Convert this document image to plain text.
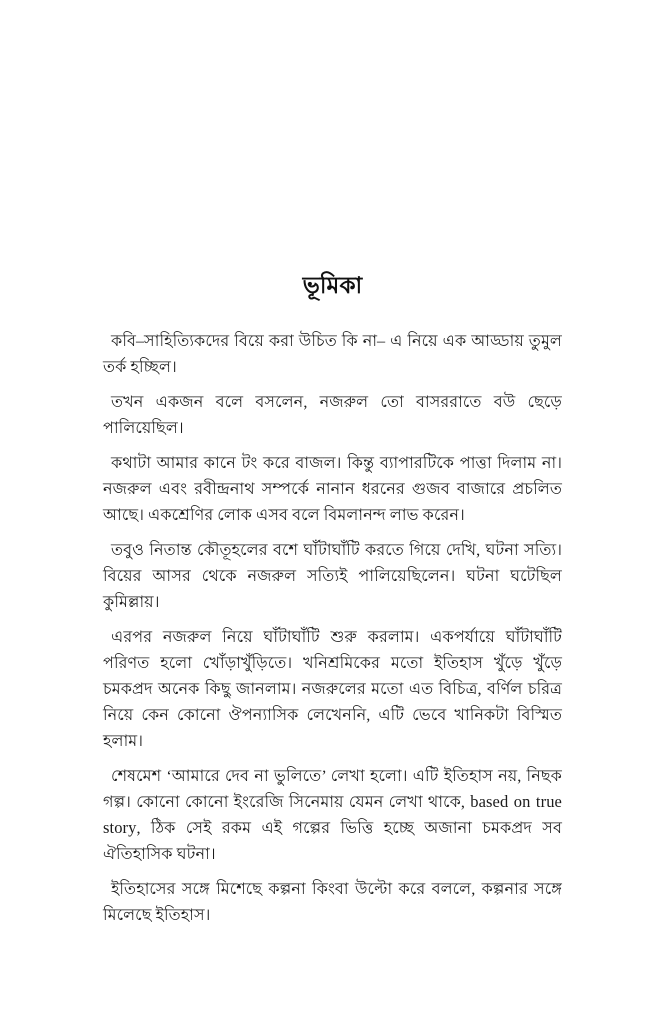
ভূমিকা

কবি–সাহিত্যিকদের বিয়ে করা উচিত কি না– এ নিয়ে এক আড্ডায় তুমুল তর্ক হচ্ছিল।

তখন একজন বলে বসলেন, নজরুল তো বাসররাতে বউ ছেড়ে পালিয়েছিল।

কথাটা আমার কানে টং করে বাজল। কিন্তু ব্যাপারটিকে পাত্তা দিলাম না। নজরুল এবং রবীন্দ্রনাথ সম্পর্কে নানান ধরনের গুজব বাজারে প্রচলিত আছে। একশ্রেণির লোক এসব বলে বিমলানন্দ লাভ করেন।

তবুও নিতান্ত কৌতূহলের বশে ঘাঁটাঘাঁটি করতে গিয়ে দেখি, ঘটনা সত্যি। বিয়ের আসর থেকে নজরুল সত্যিই পালিয়েছিলেন। ঘটনা ঘটেছিল কুমিল্লায়।

এরপর নজরুল নিয়ে ঘাঁটাঘাঁটি শুরু করলাম। একপর্যায়ে ঘাঁটাঘাঁটি পরিণত হলো খোঁড়াখুঁড়িতে। খনিশ্রমিকের মতো ইতিহাস খুঁড়ে খুঁড়ে চমকপ্রদ অনেক কিছু জানলাম। নজরুলের মতো এত বিচিত্র, বর্ণিল চরিত্র নিয়ে কেন কোনো ঔপন্যাসিক লেখেননি, এটি ভেবে খানিকটা বিস্মিত হলাম।

শেষমেশ ‘আমারে দেব না ভুলিতে’ লেখা হলো। এটি ইতিহাস নয়, নিছক গল্প। কোনো কোনো ইংরেজি সিনেমায় যেমন লেখা থাকে, based on true story, ঠিক সেই রকম এই গল্পের ভিত্তি হচ্ছে অজানা চমকপ্রদ সব ঐতিহাসিক ঘটনা।

ইতিহাসের সঙ্গে মিশেছে কল্পনা কিংবা উল্টো করে বললে, কল্পনার সঙ্গে মিলেছে ইতিহাস।
